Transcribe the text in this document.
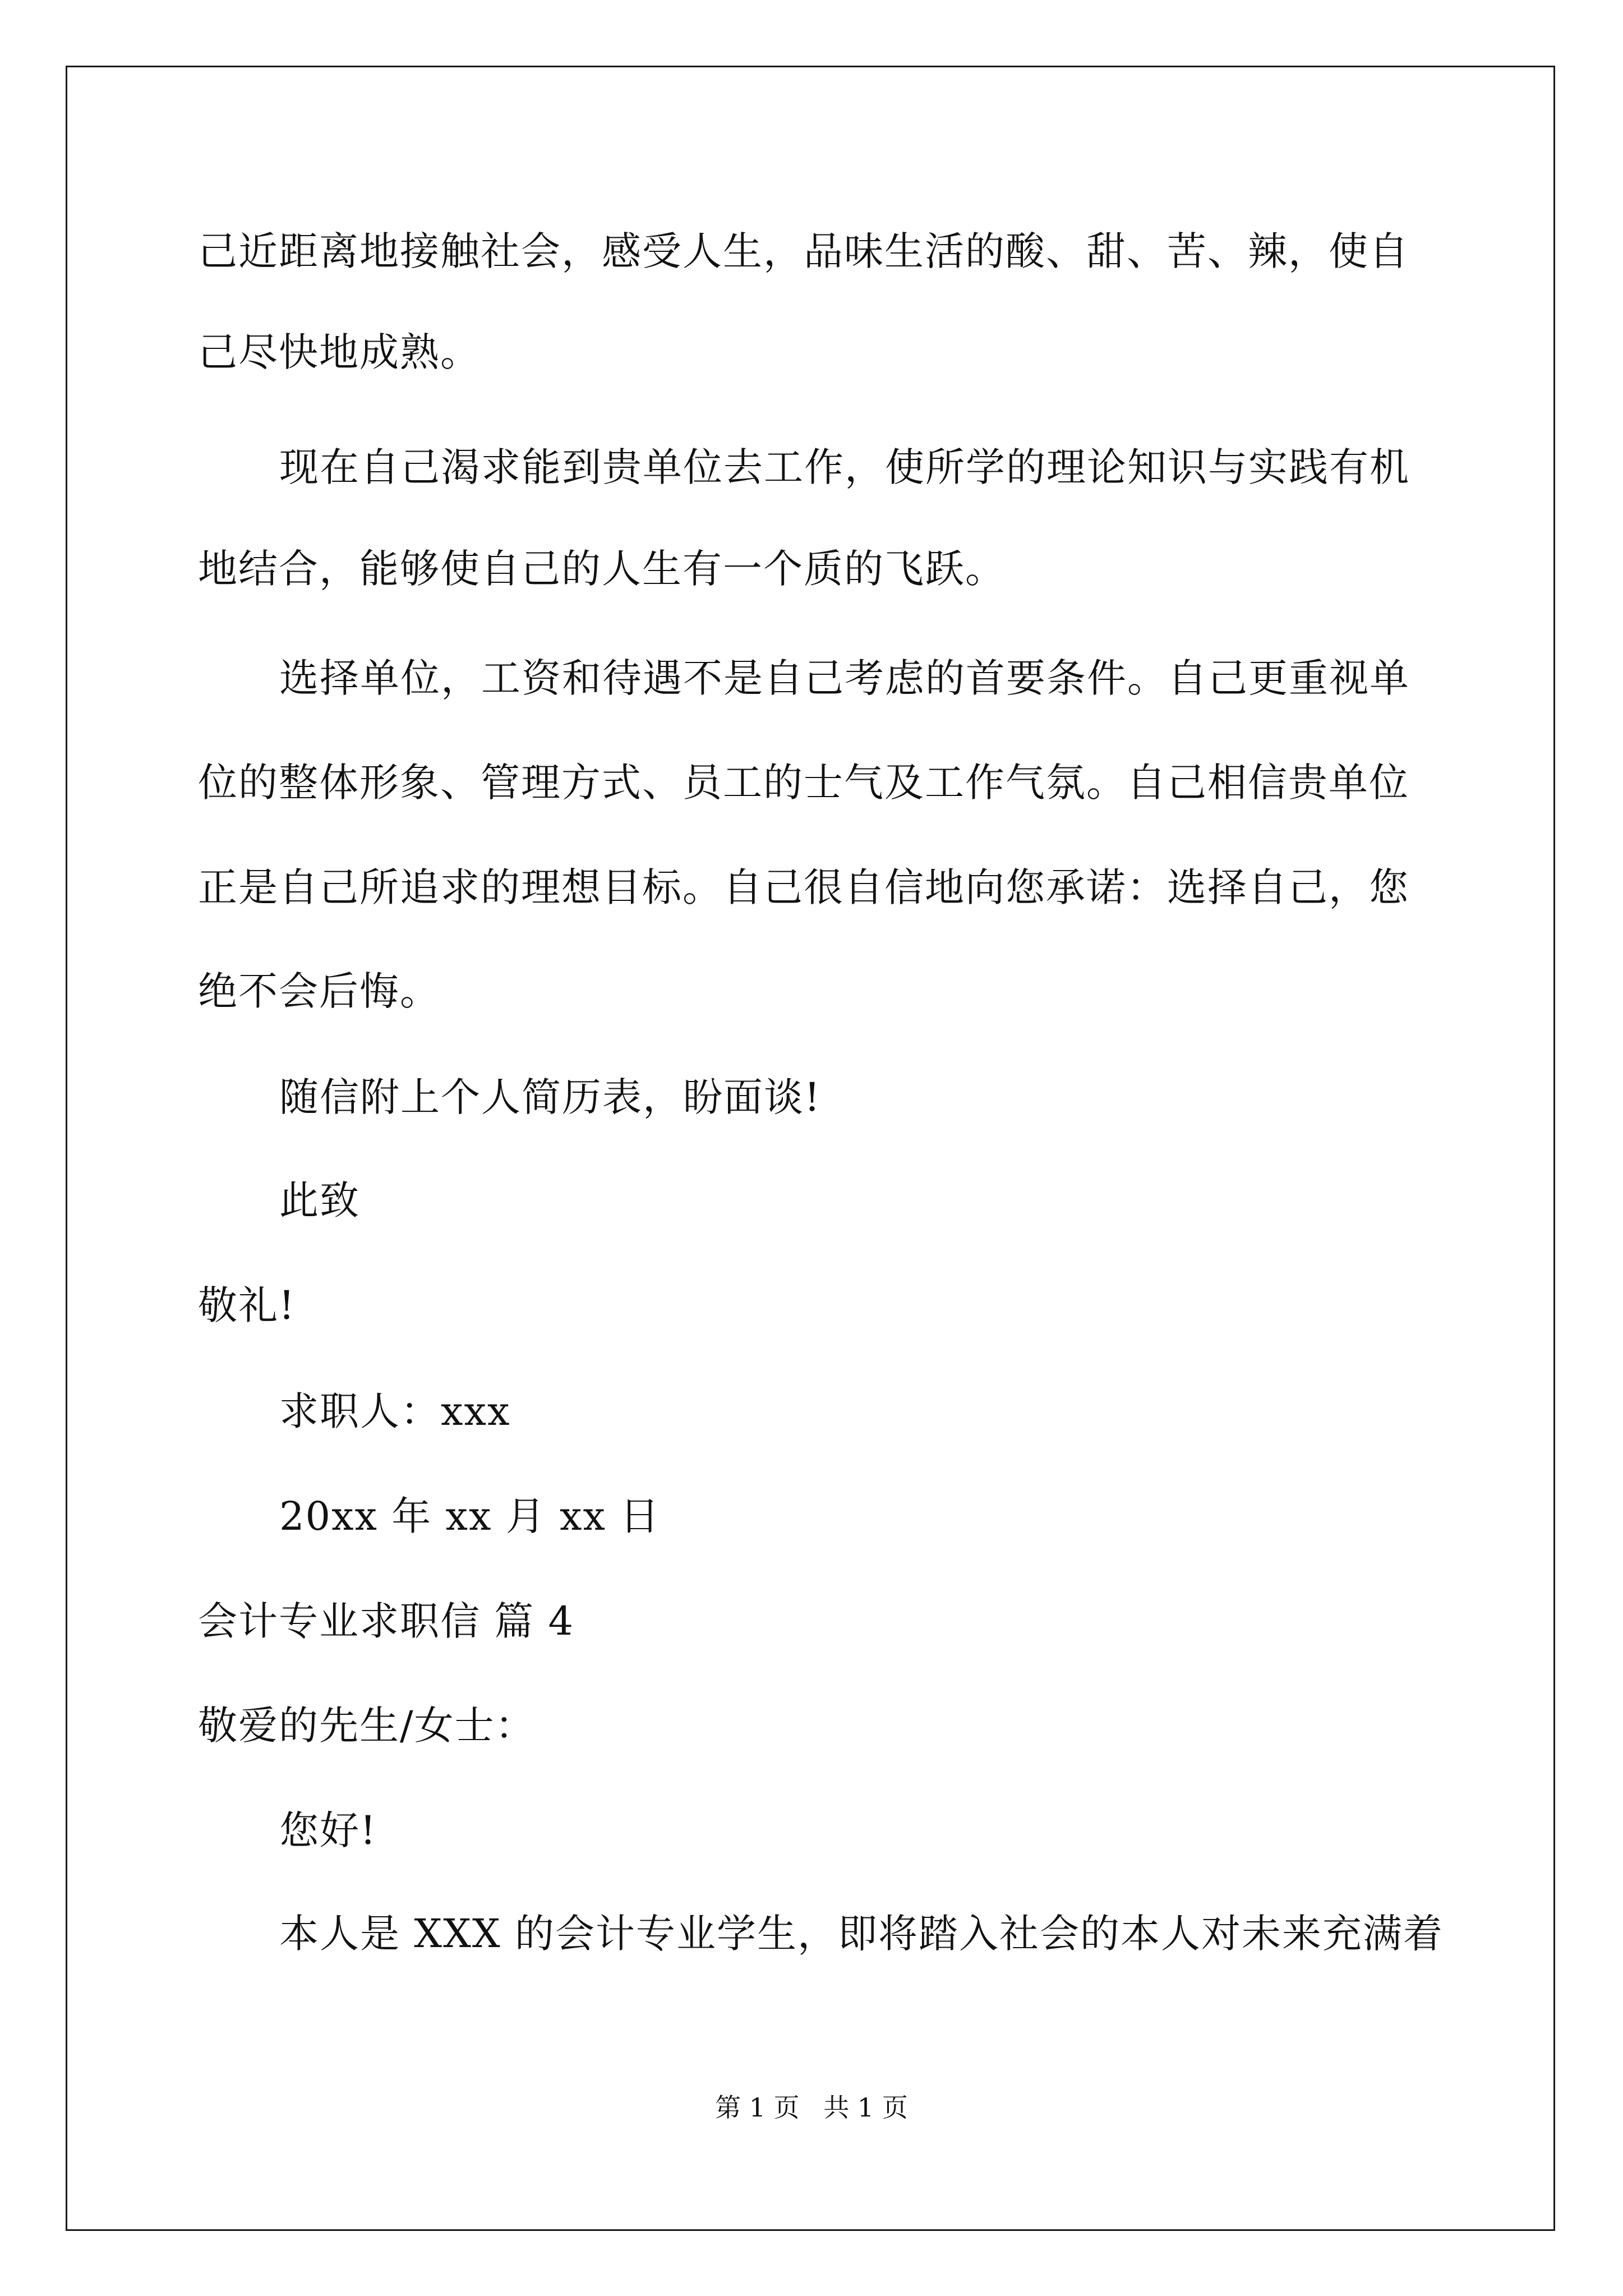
己近距离地接触社会，感受人生，品味生活的酸、甜、苦、辣，使自
己尽快地成熟。
现在自己渴求能到贵单位去工作，使所学的理论知识与实践有机
地结合，能够使自己的人生有一个质的飞跃。
选择单位，工资和待遇不是自己考虑的首要条件。自己更重视单
位的整体形象、管理方式、员工的士气及工作气氛。自己相信贵单位
正是自己所追求的理想目标。自己很自信地向您承诺：选择自己，您
绝不会后悔。
随信附上个人简历表，盼面谈!
此致
敬礼!
求职人：xxx
20xx 年 xx 月 xx 日
会计专业求职信 篇 4
敬爱的先生/女士：
您好!
本人是 XXX 的会计专业学生，即将踏入社会的本人对未来充满着
第 1 页 共 1 页
